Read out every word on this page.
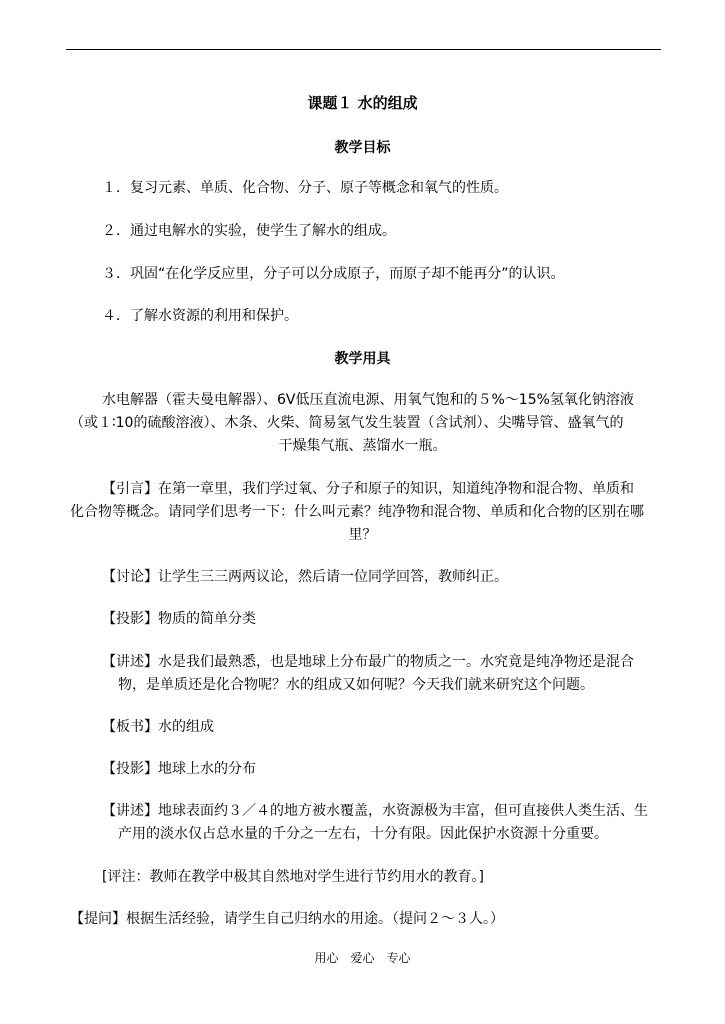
课题１ 水的组成
教学目标
１．复习元素、单质、化合物、分子、原子等概念和氧气的性质。
２．通过电解水的实验，使学生了解水的组成。
３．巩固“在化学反应里，分子可以分成原子，而原子却不能再分”的认识。
４．了解水资源的利用和保护。
教学用具
水电解器（霍夫曼电解器）、6V低压直流电源、用氧气饱和的５%～15%氢氧化钠溶液
（或１∶10的硫酸溶液）、木条、火柴、简易氢气发生装置（含试剂）、尖嘴导管、盛氧气的
干燥集气瓶、蒸馏水一瓶。
【引言】在第一章里，我们学过氧、分子和原子的知识，知道纯净物和混合物、单质和
化合物等概念。请同学们思考一下：什么叫元素？纯净物和混合物、单质和化合物的区别在哪
里？
【讨论】让学生三三两两议论，然后请一位同学回答，教师纠正。
【投影】物质的简单分类
【讲述】水是我们最熟悉，也是地球上分布最广的物质之一。水究竟是纯净物还是混合
物，是单质还是化合物呢？水的组成又如何呢？今天我们就来研究这个问题。
【板书】水的组成
【投影】地球上水的分布
【讲述】地球表面约３／４的地方被水覆盖，水资源极为丰富，但可直接供人类生活、生
产用的淡水仅占总水量的千分之一左右，十分有限。因此保护水资源十分重要。
[评注：教师在教学中极其自然地对学生进行节约用水的教育。]
【提问】根据生活经验，请学生自己归纳水的用途。（提问２～３人。）
用心　爱心　专心
